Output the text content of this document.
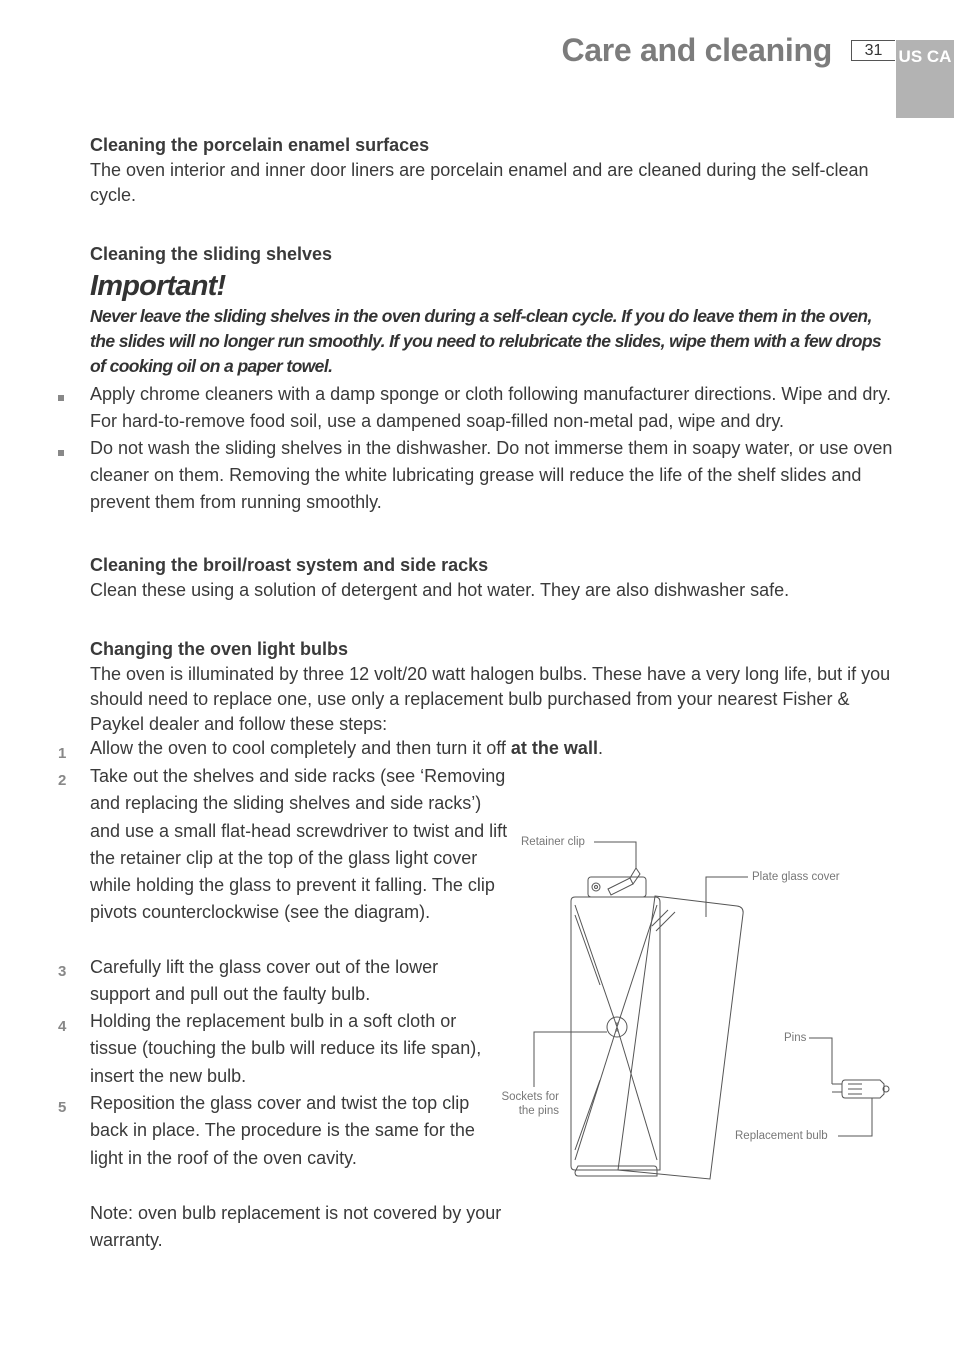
Care and cleaning	31 US CA

Cleaning the porcelain enamel surfaces

The oven interior and inner door liners are porcelain enamel and are cleaned during the self-clean cycle.

Cleaning the sliding shelves

Important!
Never leave the sliding shelves in the oven during a self-clean cycle. If you do leave them in the oven, the slides will no longer run smoothly. If you need to relubricate the slides, wipe them with a few drops of cooking oil on a paper towel.
Apply chrome cleaners with a damp sponge or cloth following manufacturer directions. Wipe and dry. For hard-to-remove food soil, use a dampened soap-filled non-metal pad, wipe and dry.
Do not wash the sliding shelves in the dishwasher. Do not immerse them in soapy water, or use oven cleaner on them. Removing the white lubricating grease will reduce the life of the shelf slides and prevent them from running smoothly.

Cleaning the broil/roast system and side racks

Clean these using a solution of detergent and hot water. They are also dishwasher safe.

Changing the oven light bulbs

The oven is illuminated by three 12 volt/20 watt halogen bulbs. These have a very long life, but if you should need to replace one, use only a replacement bulb purchased from your nearest Fisher & Paykel dealer and follow these steps:

1 Allow the oven to cool completely and then turn it off at the wall.
2 Take out the shelves and side racks (see ‘Removing and replacing the sliding shelves and side racks’) and use a small flat-head screwdriver to twist and lift the retainer clip at the top of the glass light cover while holding the glass to prevent it falling. The clip pivots counterclockwise (see the diagram).
3 Carefully lift the glass cover out of the lower support and pull out the faulty bulb.
4 Holding the replacement bulb in a soft cloth or tissue (touching the bulb will reduce its life span), insert the new bulb.
5 Reposition the glass cover and twist the top clip back in place. The procedure is the same for the light in the roof of the oven cavity.
Note: oven bulb replacement is not covered by your warranty.
Retainer clip
Plate glass cover
Pins
Sockets for
the pins
Replacement bulb
